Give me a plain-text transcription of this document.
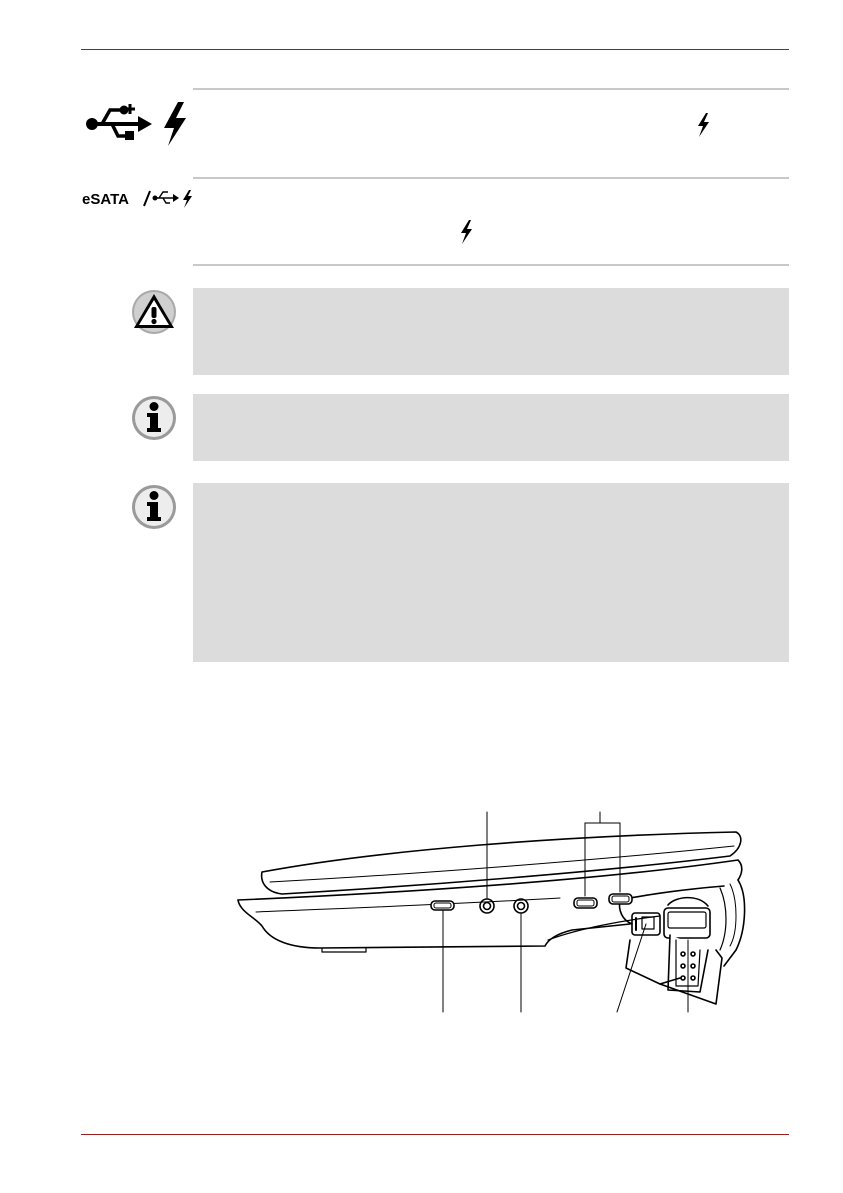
eSATA
